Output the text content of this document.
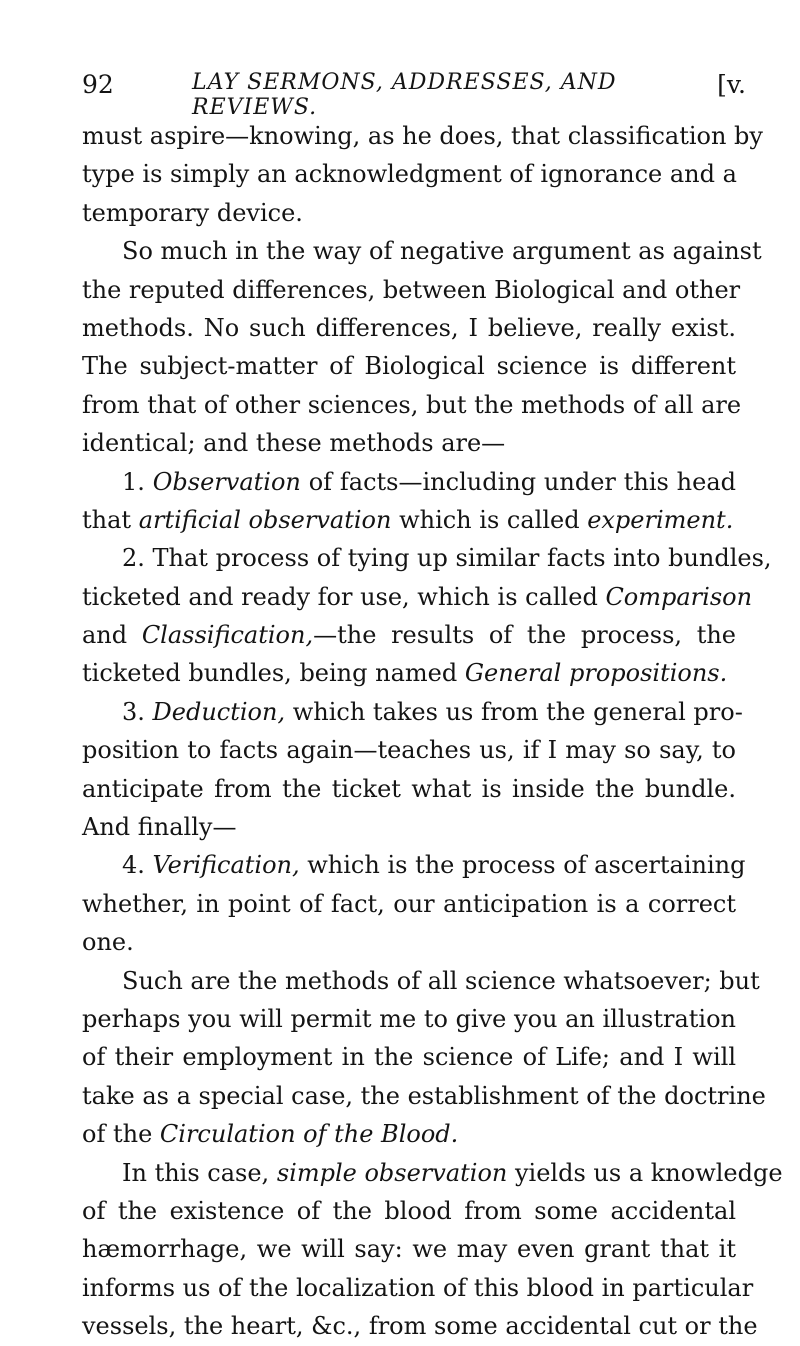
92	LAY SERMONS, ADDRESSES, AND REVIEWS.
[v.
must aspire—knowing, as he does, that classification by
type is simply an acknowledgment of ignorance and a
temporary device.
So much in the way of negative argument as against
the reputed differences, between Biological and other
methods. No such differences, I believe, really exist.
The subject-matter of Biological science is different
from that of other sciences, but the methods of all are
identical; and these methods are—
1. Observation of facts—including under this head
that artificial observation which is called experiment.
2. That process of tying up similar facts into bundles,
ticketed and ready for use, which is called Comparison
and Classification,—the results of the process, the
ticketed bundles, being named General propositions.
3. Deduction, which takes us from the general pro-
position to facts again—teaches us, if I may so say, to
anticipate from the ticket what is inside the bundle.
And finally—
4. Verification, which is the process of ascertaining
whether, in point of fact, our anticipation is a correct
one.
Such are the methods of all science whatsoever; but
perhaps you will permit me to give you an illustration
of their employment in the science of Life; and I will
take as a special case, the establishment of the doctrine
of the Circulation of the Blood.
In this case, simple observation yields us a knowledge
of the existence of the blood from some accidental
hæmorrhage, we will say: we may even grant that it
informs us of the localization of this blood in particular
vessels, the heart, &c., from some accidental cut or the
